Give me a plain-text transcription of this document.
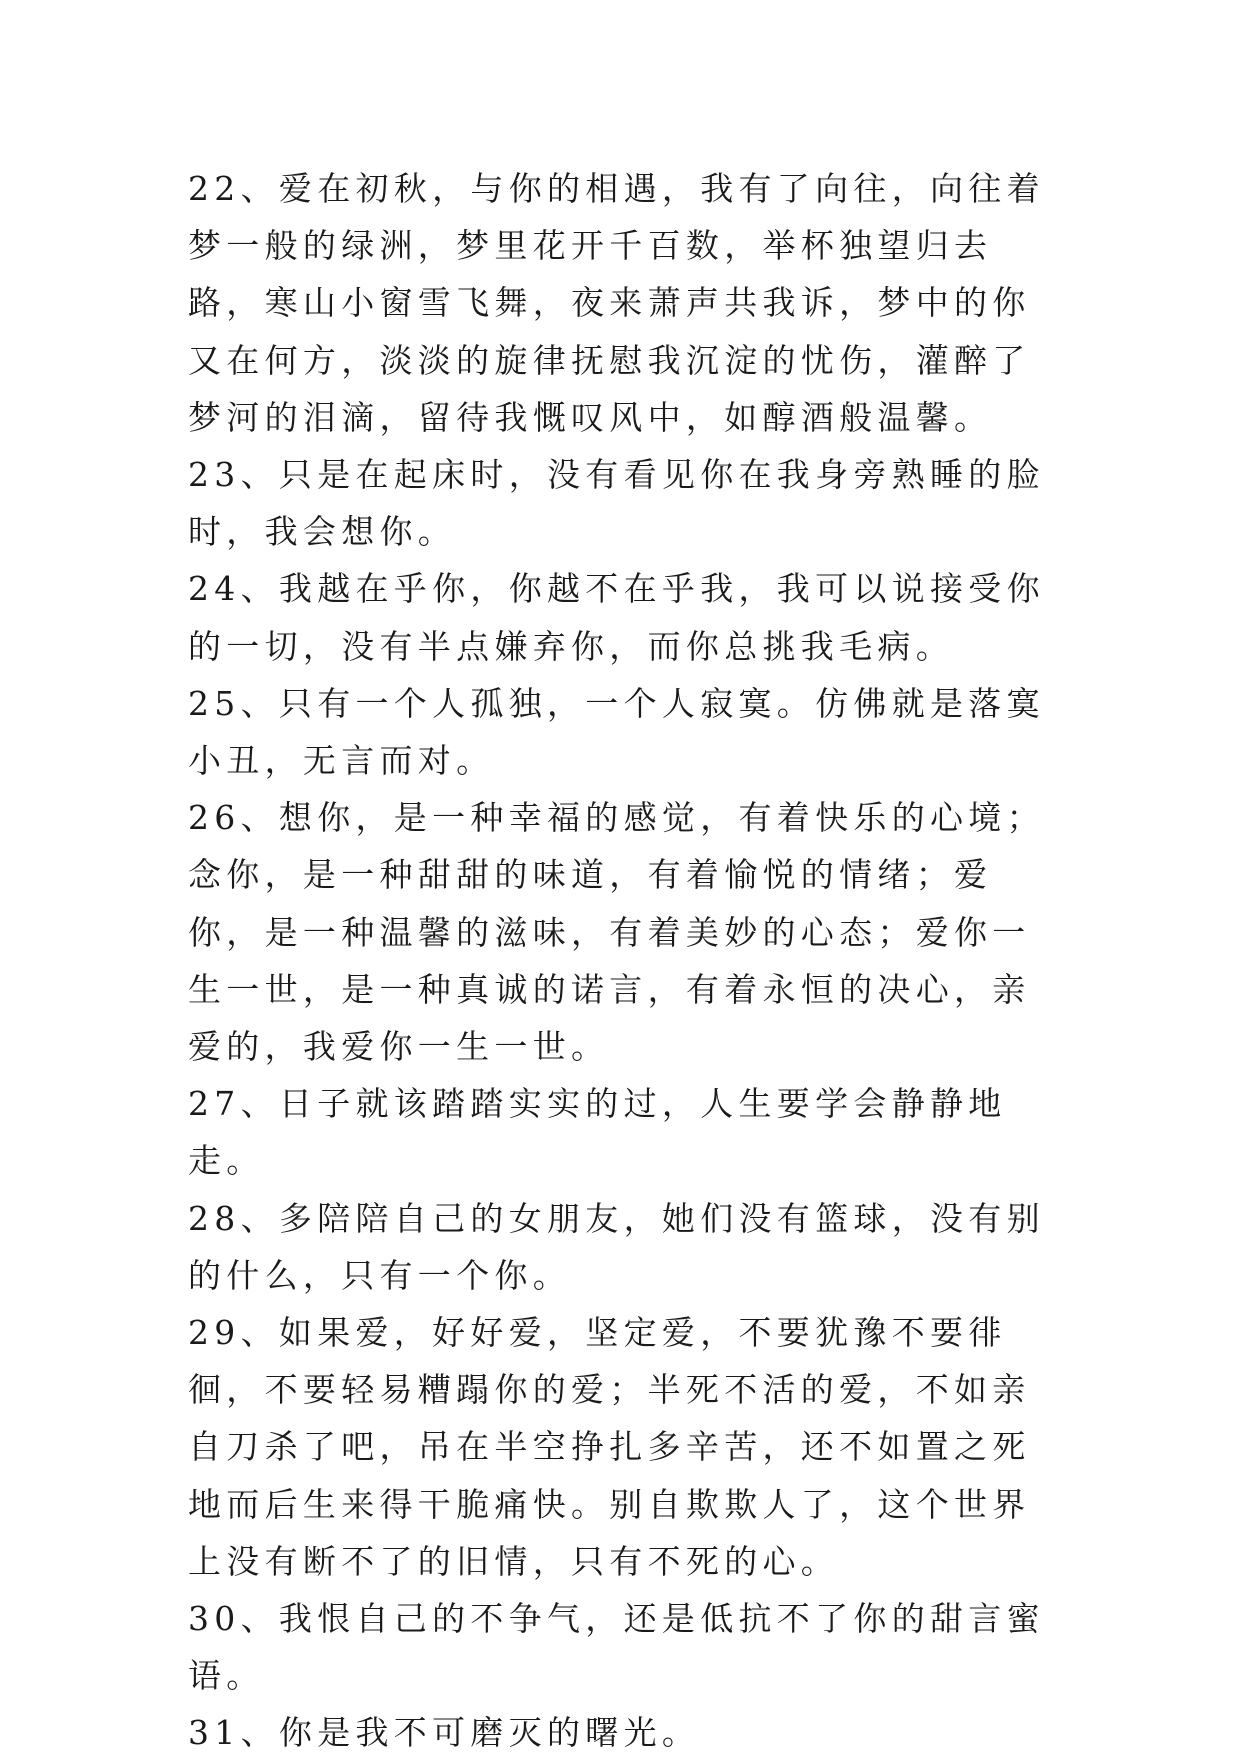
22、爱在初秋，与你的相遇，我有了向往，向往着梦一般的绿洲，梦里花开千百数，举杯独望归去路，寒山小窗雪飞舞，夜来萧声共我诉，梦中的你又在何方，淡淡的旋律抚慰我沉淀的忧伤，灌醉了梦河的泪滴，留待我慨叹风中，如醇酒般温馨。

23、只是在起床时，没有看见你在我身旁熟睡的脸时，我会想你。

24、我越在乎你，你越不在乎我，我可以说接受你的一切，没有半点嫌弃你，而你总挑我毛病。

25、只有一个人孤独，一个人寂寞。仿佛就是落寞小丑，无言而对。

26、想你，是一种幸福的感觉，有着快乐的心境；念你，是一种甜甜的味道，有着愉悦的情绪；爱你，是一种温馨的滋味，有着美妙的心态；爱你一生一世，是一种真诚的诺言，有着永恒的决心，亲爱的，我爱你一生一世。

27、日子就该踏踏实实的过，人生要学会静静地走。

28、多陪陪自己的女朋友，她们没有篮球，没有别的什么，只有一个你。

29、如果爱，好好爱，坚定爱，不要犹豫不要徘徊，不要轻易糟蹋你的爱；半死不活的爱，不如亲自刀杀了吧，吊在半空挣扎多辛苦，还不如置之死地而后生来得干脆痛快。别自欺欺人了，这个世界上没有断不了的旧情，只有不死的心。

30、我恨自己的不争气，还是低抗不了你的甜言蜜语。

31、你是我不可磨灭的曙光。
